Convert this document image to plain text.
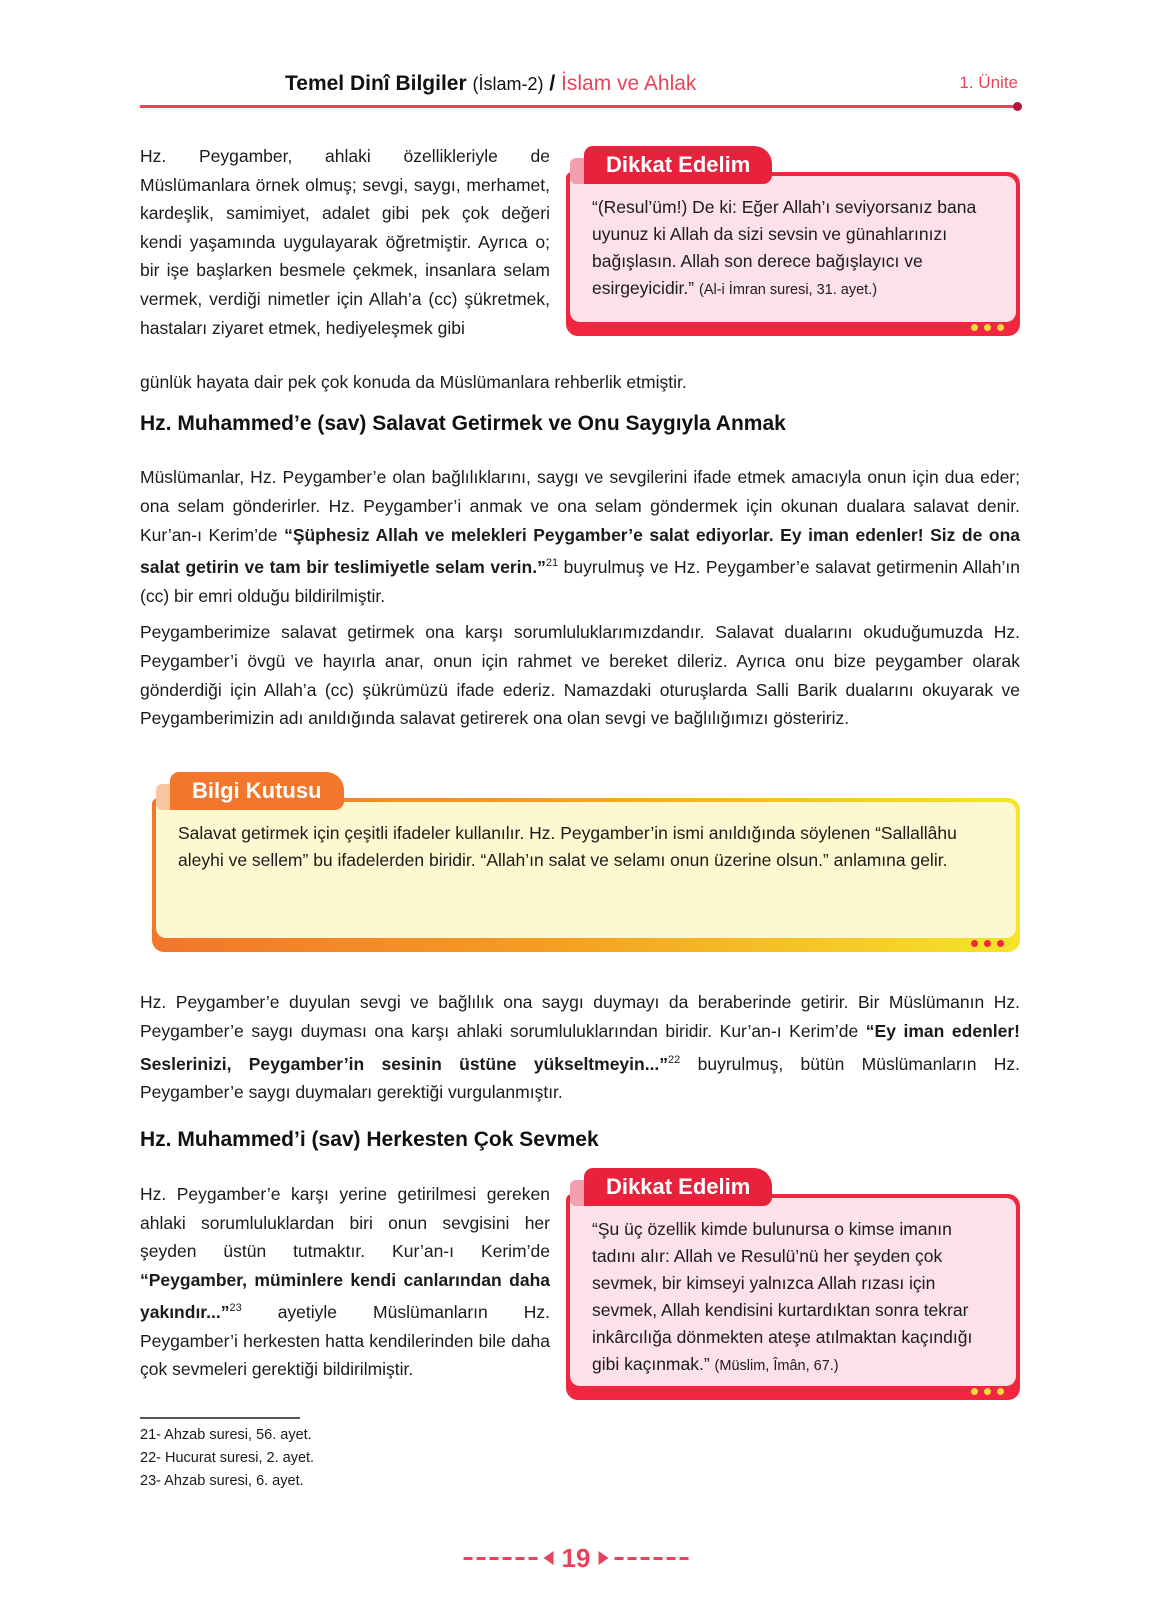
Temel Dinî Bilgiler (İslam-2) / İslam ve Ahlak	1. Ünite
Hz. Peygamber, ahlaki özellikleriyle de Müslümanlara örnek olmuş; sevgi, saygı, merhamet, kardeşlik, samimiyet, adalet gibi pek çok değeri kendi yaşamında uygulayarak öğretmiştir. Ayrıca o; bir işe başlarken besmele çekmek, insanlara selam vermek, verdiği nimetler için Allah’a (cc) şükretmek, hastaları ziyaret etmek, hediyeleşmek gibi
günlük hayata dair pek çok konuda da Müslümanlara rehberlik etmiştir.
Dikkat Edelim
“(Resul’üm!) De ki: Eğer Allah’ı seviyorsanız bana uyunuz ki Allah da sizi sevsin ve günahlarınızı bağışlasın. Allah son derece bağışlayıcı ve esirgeyicidir.” (Al-i İmran suresi, 31. ayet.)
Hz. Muhammed’e (sav) Salavat Getirmek ve Onu Saygıyla Anmak
Müslümanlar, Hz. Peygamber’e olan bağlılıklarını, saygı ve sevgilerini ifade etmek amacıyla onun için dua eder; ona selam gönderirler. Hz. Peygamber’i anmak ve ona selam göndermek için okunan dualara salavat denir. Kur’an-ı Kerim’de “Şüphesiz Allah ve melekleri Peygamber’e salat ediyorlar. Ey iman edenler! Siz de ona salat getirin ve tam bir teslimiyetle selam verin.”$^{21}$ buyrulmuş ve Hz. Peygamber’e salavat getirmenin Allah’ın (cc) bir emri olduğu bildirilmiştir.
Peygamberimize salavat getirmek ona karşı sorumluluklarımızdandır. Salavat dualarını okuduğumuzda Hz. Peygamber’i övgü ve hayırla anar, onun için rahmet ve bereket dileriz. Ayrıca onu bize peygamber olarak gönderdiği için Allah’a (cc) şükrümüzü ifade ederiz. Namazdaki oturuşlarda Salli Barik dualarını okuyarak ve Peygamberimizin adı anıldığında salavat getirerek ona olan sevgi ve bağlılığımızı gösteririz.
Bilgi Kutusu
Salavat getirmek için çeşitli ifadeler kullanılır. Hz. Peygamber’in ismi anıldığında söylenen “Sallallâhu aleyhi ve sellem” bu ifadelerden biridir. “Allah’ın salat ve selamı onun üzerine olsun.” anlamına gelir.
Hz. Peygamber’e duyulan sevgi ve bağlılık ona saygı duymayı da beraberinde getirir. Bir Müslümanın Hz. Peygamber’e saygı duyması ona karşı ahlaki sorumluluklarından biridir. Kur’an-ı Kerim’de “Ey iman edenler! Seslerinizi, Peygamber’in sesinin üstüne yükseltmeyin...”$^{22}$ buyrulmuş, bütün Müslümanların Hz. Peygamber’e saygı duymaları gerektiği vurgulanmıştır.
Hz. Muhammed’i (sav) Herkesten Çok Sevmek
Hz. Peygamber’e karşı yerine getirilmesi gereken ahlaki sorumluluklardan biri onun sevgisini her şeyden üstün tutmaktır. Kur’an-ı Kerim’de “Peygamber, müminlere kendi canlarından daha yakındır...”$^{23}$ ayetiyle Müslümanların Hz. Peygamber’i herkesten hatta kendilerinden bile daha çok sevmeleri gerektiği bildirilmiştir.
Dikkat Edelim
“Şu üç özellik kimde bulunursa o kimse imanın tadını alır: Allah ve Resulü’nü her şeyden çok sevmek, bir kimseyi yalnızca Allah rızası için sevmek, Allah kendisini kurtardıktan sonra tekrar inkârcılığa dönmekten ateşe atılmaktan kaçındığı gibi kaçınmak.” (Müslim, Îmân, 67.)
21- Ahzab suresi, 56. ayet.
22- Hucurat suresi, 2. ayet.
23- Ahzab suresi, 6. ayet.
19
